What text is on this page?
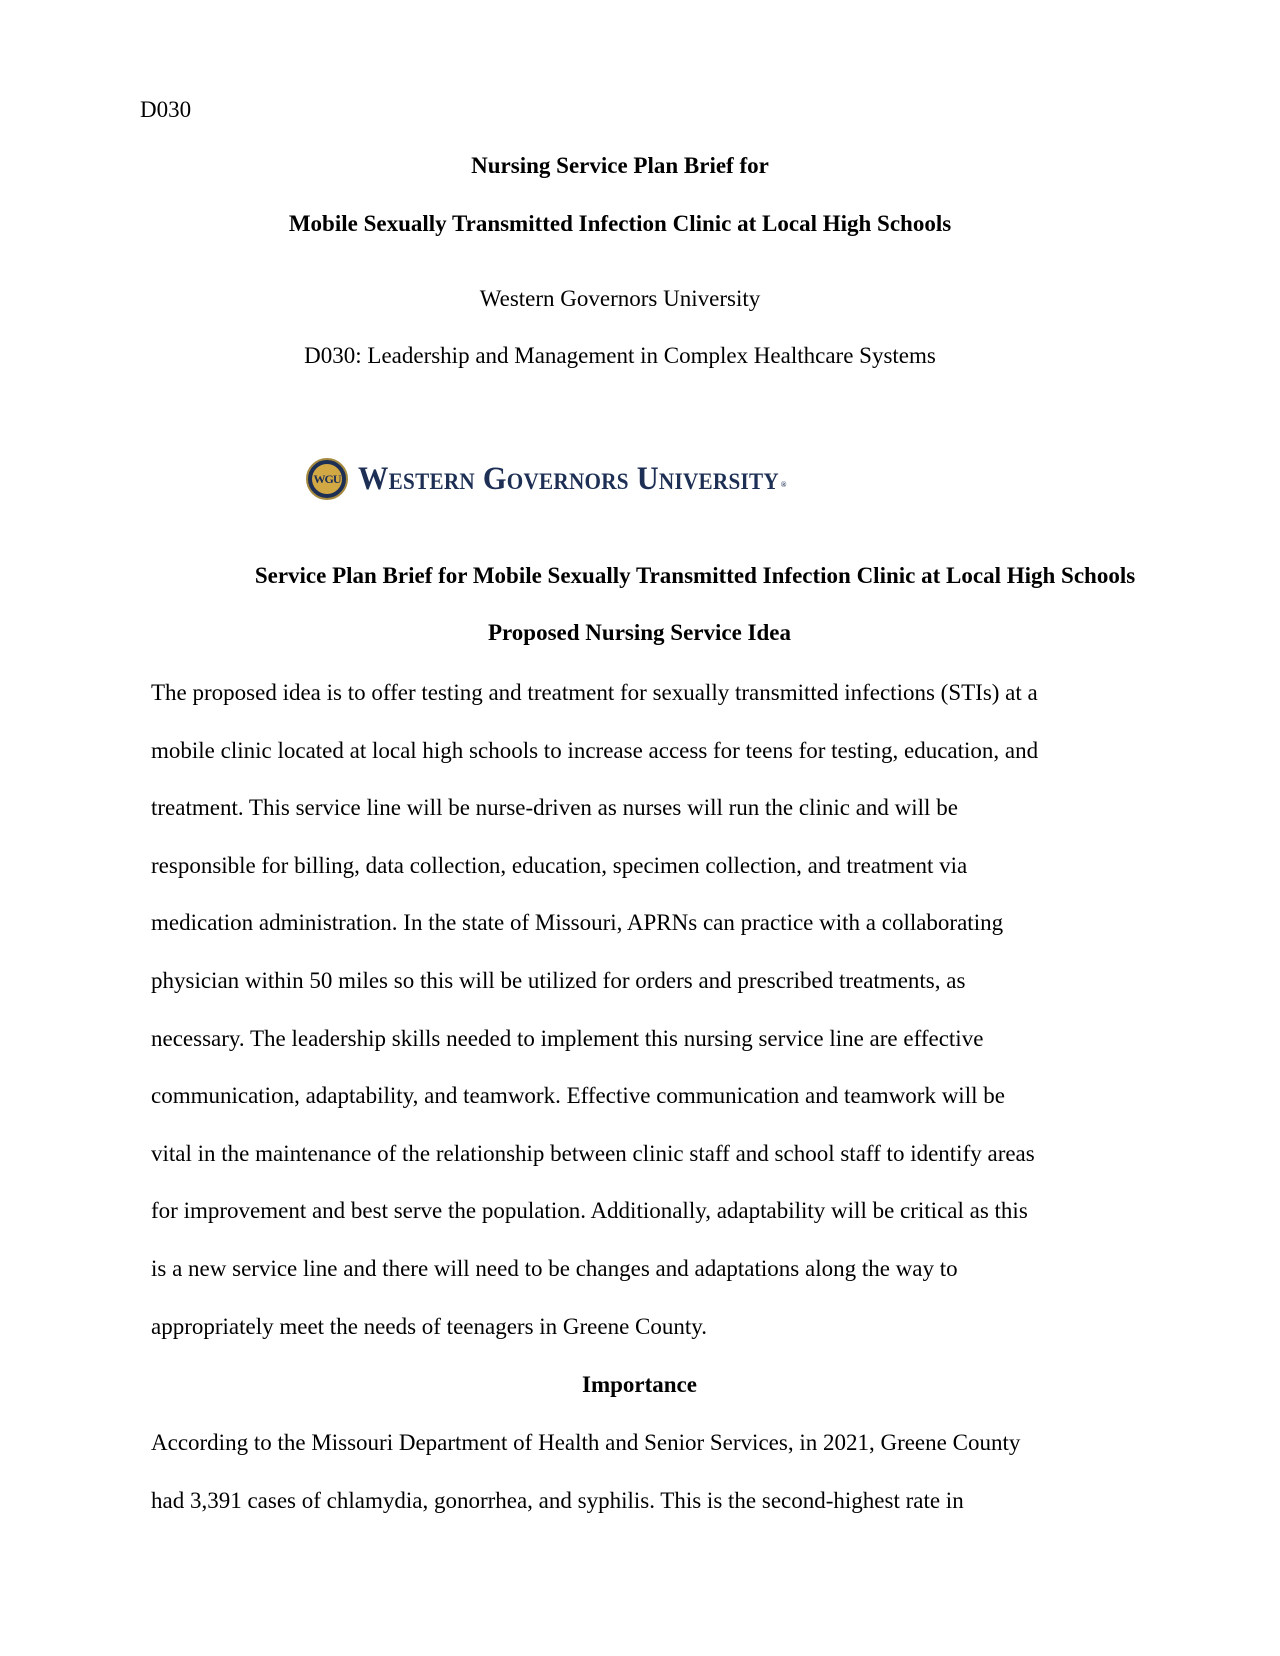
D030
Nursing Service Plan Brief for
Mobile Sexually Transmitted Infection Clinic at Local High Schools
Western Governors University
D030: Leadership and Management in Complex Healthcare Systems
WGU Western Governors University ®
Service Plan Brief for Mobile Sexually Transmitted Infection Clinic at Local High Schools
Proposed Nursing Service Idea
The proposed idea is to offer testing and treatment for sexually transmitted infections (STIs) at a
mobile clinic located at local high schools to increase access for teens for testing, education, and
treatment. This service line will be nurse-driven as nurses will run the clinic and will be
responsible for billing, data collection, education, specimen collection, and treatment via
medication administration. In the state of Missouri, APRNs can practice with a collaborating
physician within 50 miles so this will be utilized for orders and prescribed treatments, as
necessary. The leadership skills needed to implement this nursing service line are effective
communication, adaptability, and teamwork. Effective communication and teamwork will be
vital in the maintenance of the relationship between clinic staff and school staff to identify areas
for improvement and best serve the population. Additionally, adaptability will be critical as this
is a new service line and there will need to be changes and adaptations along the way to
appropriately meet the needs of teenagers in Greene County.
Importance
According to the Missouri Department of Health and Senior Services, in 2021, Greene County
had 3,391 cases of chlamydia, gonorrhea, and syphilis. This is the second-highest rate in
